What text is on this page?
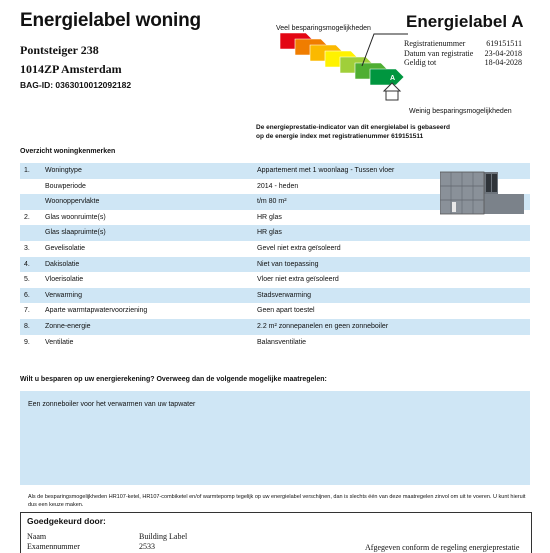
Energielabel woning
Pontsteiger 238
1014ZP Amsterdam
BAG-ID: 0363010012092182
Veel besparingsmogelijkheden
A
Weinig besparingsmogelijkheden
Energielabel A
Registratienummer	619151511
Datum van registratie 23-04-2018
Geldig tot	18-04-2028
De energieprestatie-indicator van dit energielabel is gebaseerd
op de energie index met registratienummer 619151511
Overzicht woningkenmerken
1. Woningtype	Appartement met 1 woonlaag - Tussen vloer
Bouwperiode	2014 - heden
Woonoppervlakte	t/m 80 m²
2. Glas woonruimte(s)	HR glas
Glas slaapruimte(s)	HR glas
3. Gevelisolatie	Gevel niet extra geïsoleerd
4. Dakisolatie	Niet van toepassing
5. Vloerisolatie	Vloer niet extra geïsoleerd
6. Verwarming	Stadsverwarming
7. Aparte warmtapwatervoorziening	Geen apart toestel
8. Zonne-energie	2.2 m² zonnepanelen en geen zonneboiler
9. Ventilatie	Balansventilatie
Wilt u besparen op uw energierekening? Overweeg dan de volgende mogelijke maatregelen:
Een zonneboiler voor het verwarmen van uw tapwater
Als de besparingsmogelijkheden HR107-ketel, HR107-combiketel en/of warmtepomp tegelijk op uw energielabel verschijnen, dan is slechts één van deze maatregelen zinvol om uit te voeren. U kunt hieruit dus een keuze maken.
Goedgekeurd door:
Naam	Building Label
Examennummer	2533	Afgegeven conform de regeling energieprestatie
